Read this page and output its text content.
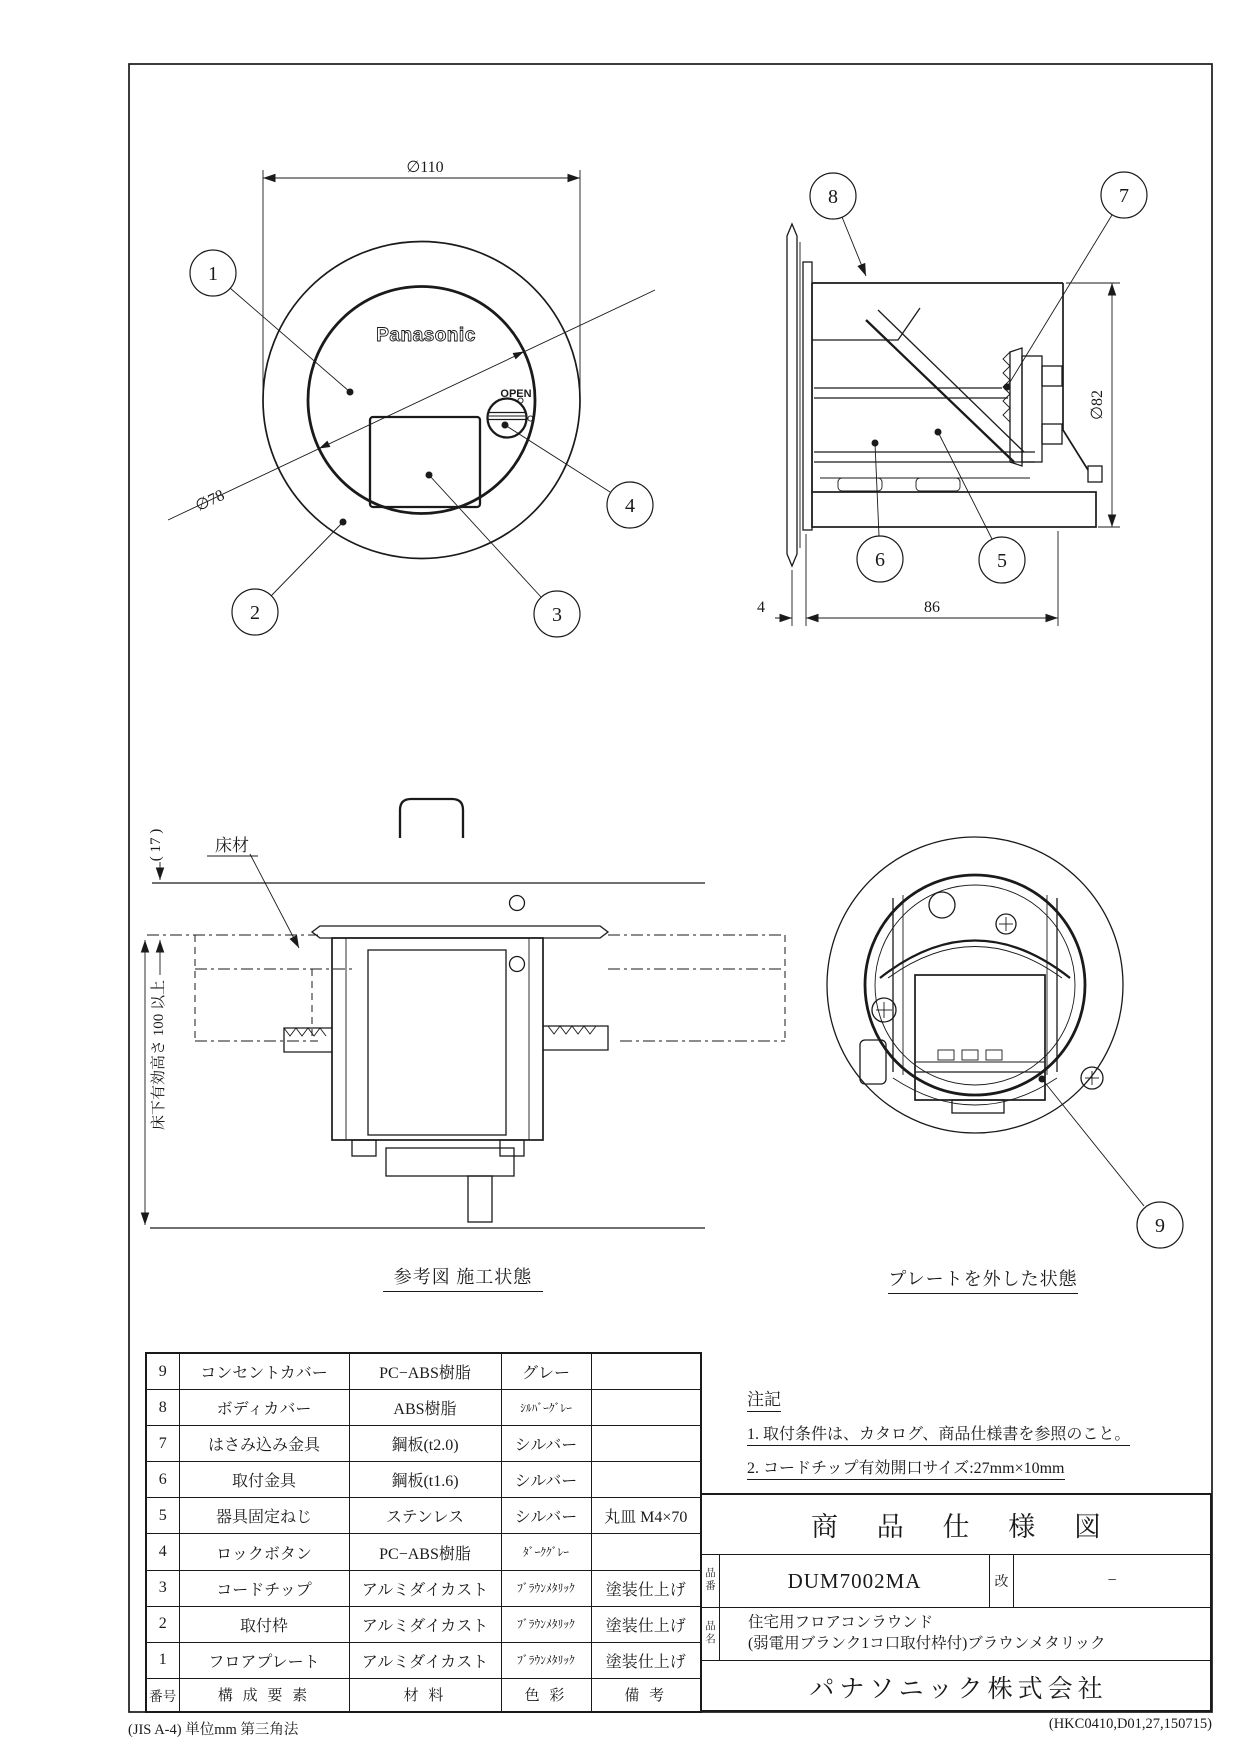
Panasonic
OPEN
∅110
∅78
1
2	3
4
∅82
4	86
8	7
6	5
床材
( 17 )
床下有効高さ 100 以上
9
参考図 施工状態	プレートを外した状態
注記
1. 取付条件は、カタログ、商品仕様書を参照のこと。
2. コードチップ有効開口サイズ:27mm×10mm
9	コンセントカバー	PC−ABS樹脂	グレー	
8	ボディカバー	ABS樹脂	ｼﾙﾊﾞｰｸﾞﾚｰ	
7	はさみ込み金具	鋼板(t2.0)	シルバー	
6	取付金具	鋼板(t1.6)	シルバー	
5	器具固定ねじ	ステンレス	シルバー	丸皿 M4×70
4	ロックボタン	PC−ABS樹脂	ﾀﾞｰｸｸﾞﾚｰ	
3	コードチップ	アルミダイカスト	ﾌﾞﾗｳﾝﾒﾀﾘｯｸ	塗装仕上げ
2	取付枠	アルミダイカスト	ﾌﾞﾗｳﾝﾒﾀﾘｯｸ	塗装仕上げ
1	フロアプレート	アルミダイカスト	ﾌﾞﾗｳﾝﾒﾀﾘｯｸ	塗装仕上げ
番号	構 成 要 素	材 料	色 彩	備 考
商 品 仕 様 図
品番	DUM7002MA	改	−
品名
住宅用フロアコンラウンド
(弱電用ブランク1コ口取付枠付)ブラウンメタリック
パナソニック株式会社
(JIS A-4) 単位mm 第三角法	(HKC0410,D01,27,150715)
